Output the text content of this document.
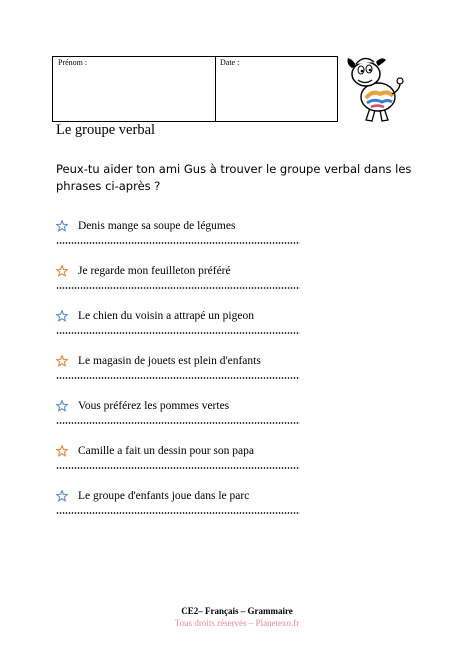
Prénom :	Date :
Le groupe verbal
Peux-tu aider ton ami Gus à trouver le groupe verbal dans les phrases ci-après ?
Denis mange sa soupe de légumes
Je regarde mon feuilleton préféré
Le chien du voisin a attrapé un pigeon
Le magasin de jouets est plein d'enfants
Vous préférez les pommes vertes
Camille a fait un dessin pour son papa
Le groupe d'enfants joue dans le parc
CE2– Français – Grammaire
Tous droits réservés – Planetexo.fr
